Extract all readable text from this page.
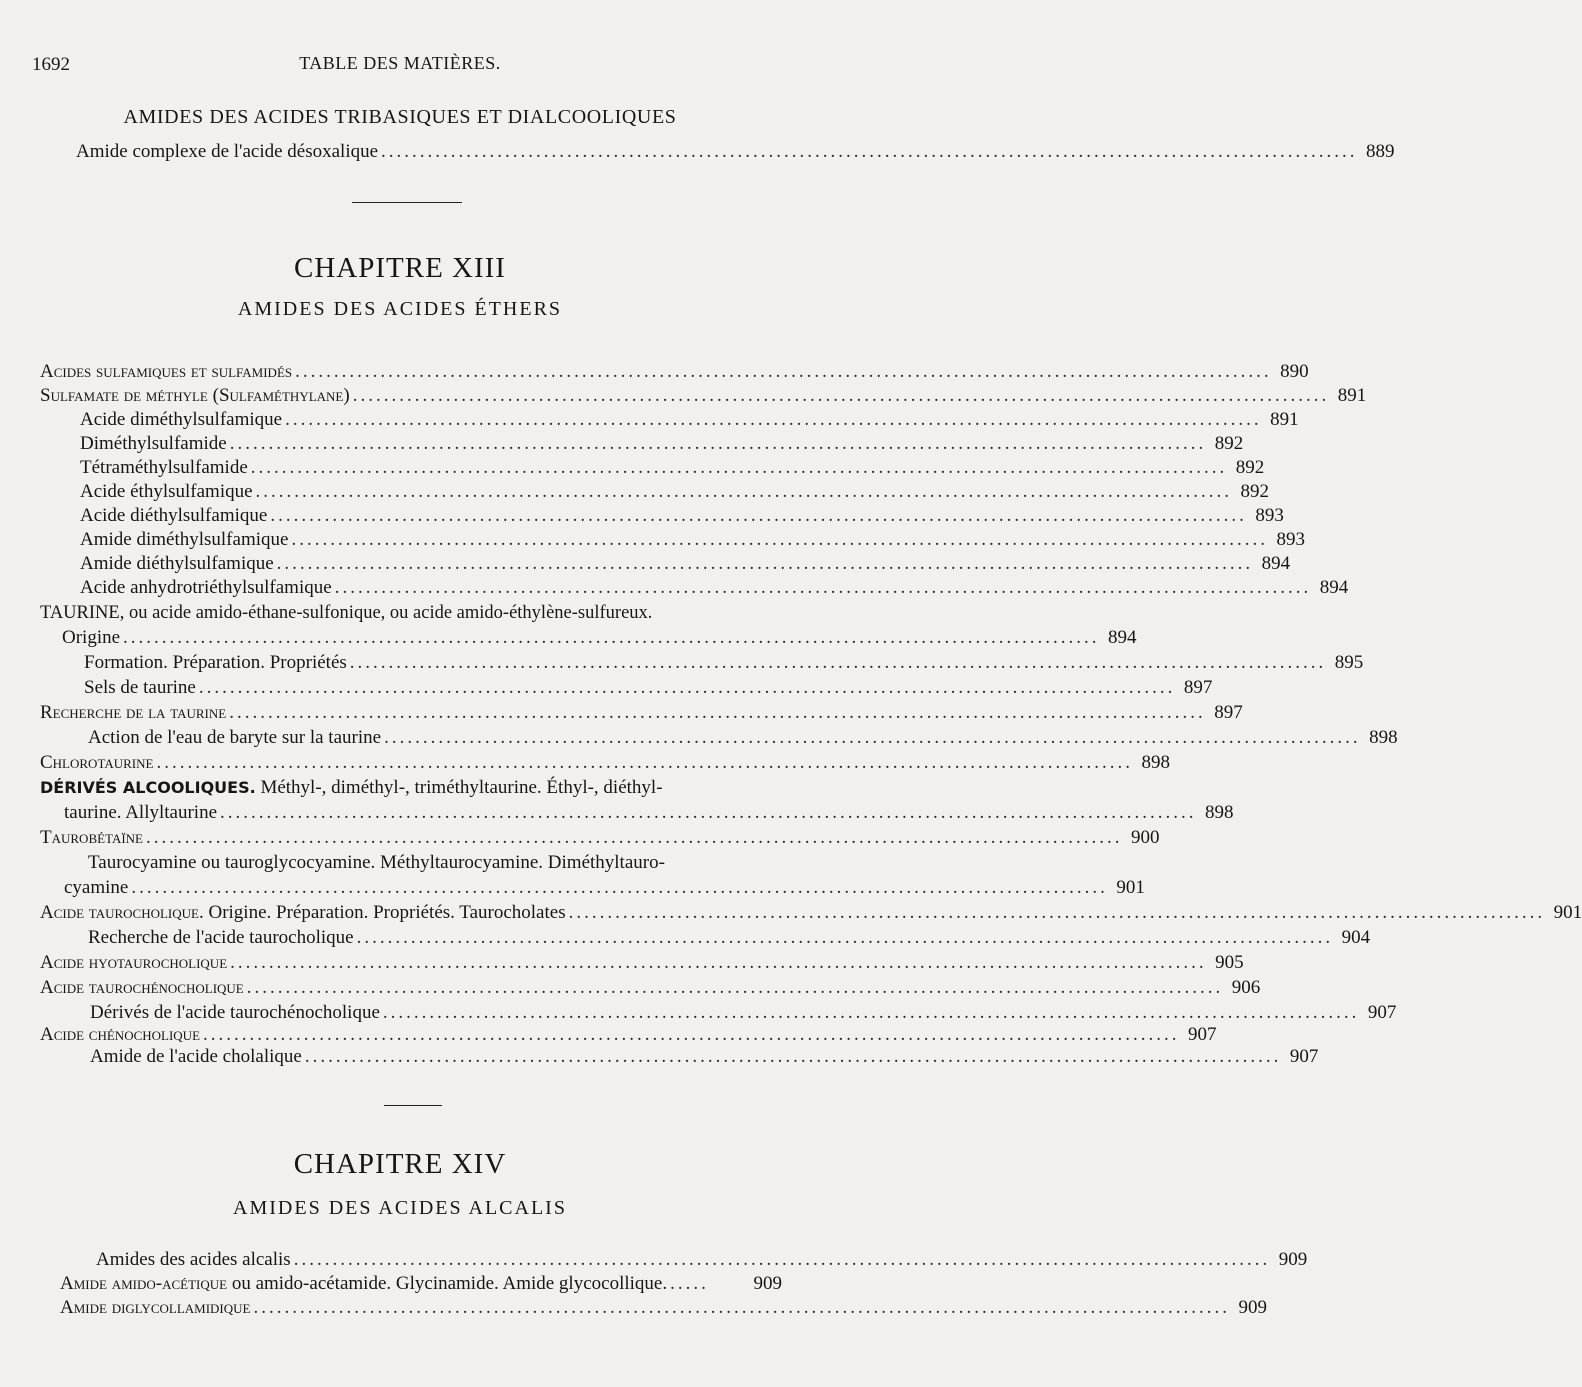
1692	TABLE DES MATIÈRES.
AMIDES DES ACIDES TRIBASIQUES ET DIALCOOLIQUES
Amide complexe de l'acide désoxalique .............................................................................................................................. 889
CHAPITRE XIII
AMIDES DES ACIDES ÉTHERS
Acides sulfamiques et sulfamidés .............................................................................................................................. 890
Sulfamate de méthyle (Sulfaméthylane) .............................................................................................................................. 891
Acide diméthylsulfamique .............................................................................................................................. 891
Diméthylsulfamide .............................................................................................................................. 892
Tétraméthylsulfamide .............................................................................................................................. 892
Acide éthylsulfamique .............................................................................................................................. 892
Acide diéthylsulfamique .............................................................................................................................. 893
Amide diméthylsulfamique .............................................................................................................................. 893
Amide diéthylsulfamique .............................................................................................................................. 894
Acide anhydrotriéthylsulfamique .............................................................................................................................. 894
TAURINE, ou acide amido-éthane-sulfonique, ou acide amido-éthylène-sulfureux.
Origine .............................................................................................................................. 894
Formation. Préparation. Propriétés .............................................................................................................................. 895
Sels de taurine .............................................................................................................................. 897
Recherche de la taurine .............................................................................................................................. 897
Action de l'eau de baryte sur la taurine .............................................................................................................................. 898
Chlorotaurine .............................................................................................................................. 898
DÉRIVÉS ALCOOLIQUES. Méthyl-, diméthyl-, triméthyltaurine. Éthyl-, diéthyl-
taurine. Allyltaurine .............................................................................................................................. 898
Taurobétaïne .............................................................................................................................. 900
Taurocyamine ou tauroglycocyamine. Méthyltaurocyamine. Diméthyltauro-
cyamine .............................................................................................................................. 901
Acide taurocholique. Origine. Préparation. Propriétés. Taurocholates .............................................................................................................................. 901
Recherche de l'acide taurocholique .............................................................................................................................. 904
Acide hyotaurocholique .............................................................................................................................. 905
Acide taurochénocholique .............................................................................................................................. 906
Dérivés de l'acide taurochénocholique .............................................................................................................................. 907
Acide chénocholique .............................................................................................................................. 907
Amide de l'acide cholalique .............................................................................................................................. 907
CHAPITRE XIV
AMIDES DES ACIDES ALCALIS
Amides des acides alcalis .............................................................................................................................. 909
Amide amido-acétique ou amido-acétamide. Glycinamide. Amide glycocollique. .....	909
Amide diglycollamidique .............................................................................................................................. 909
